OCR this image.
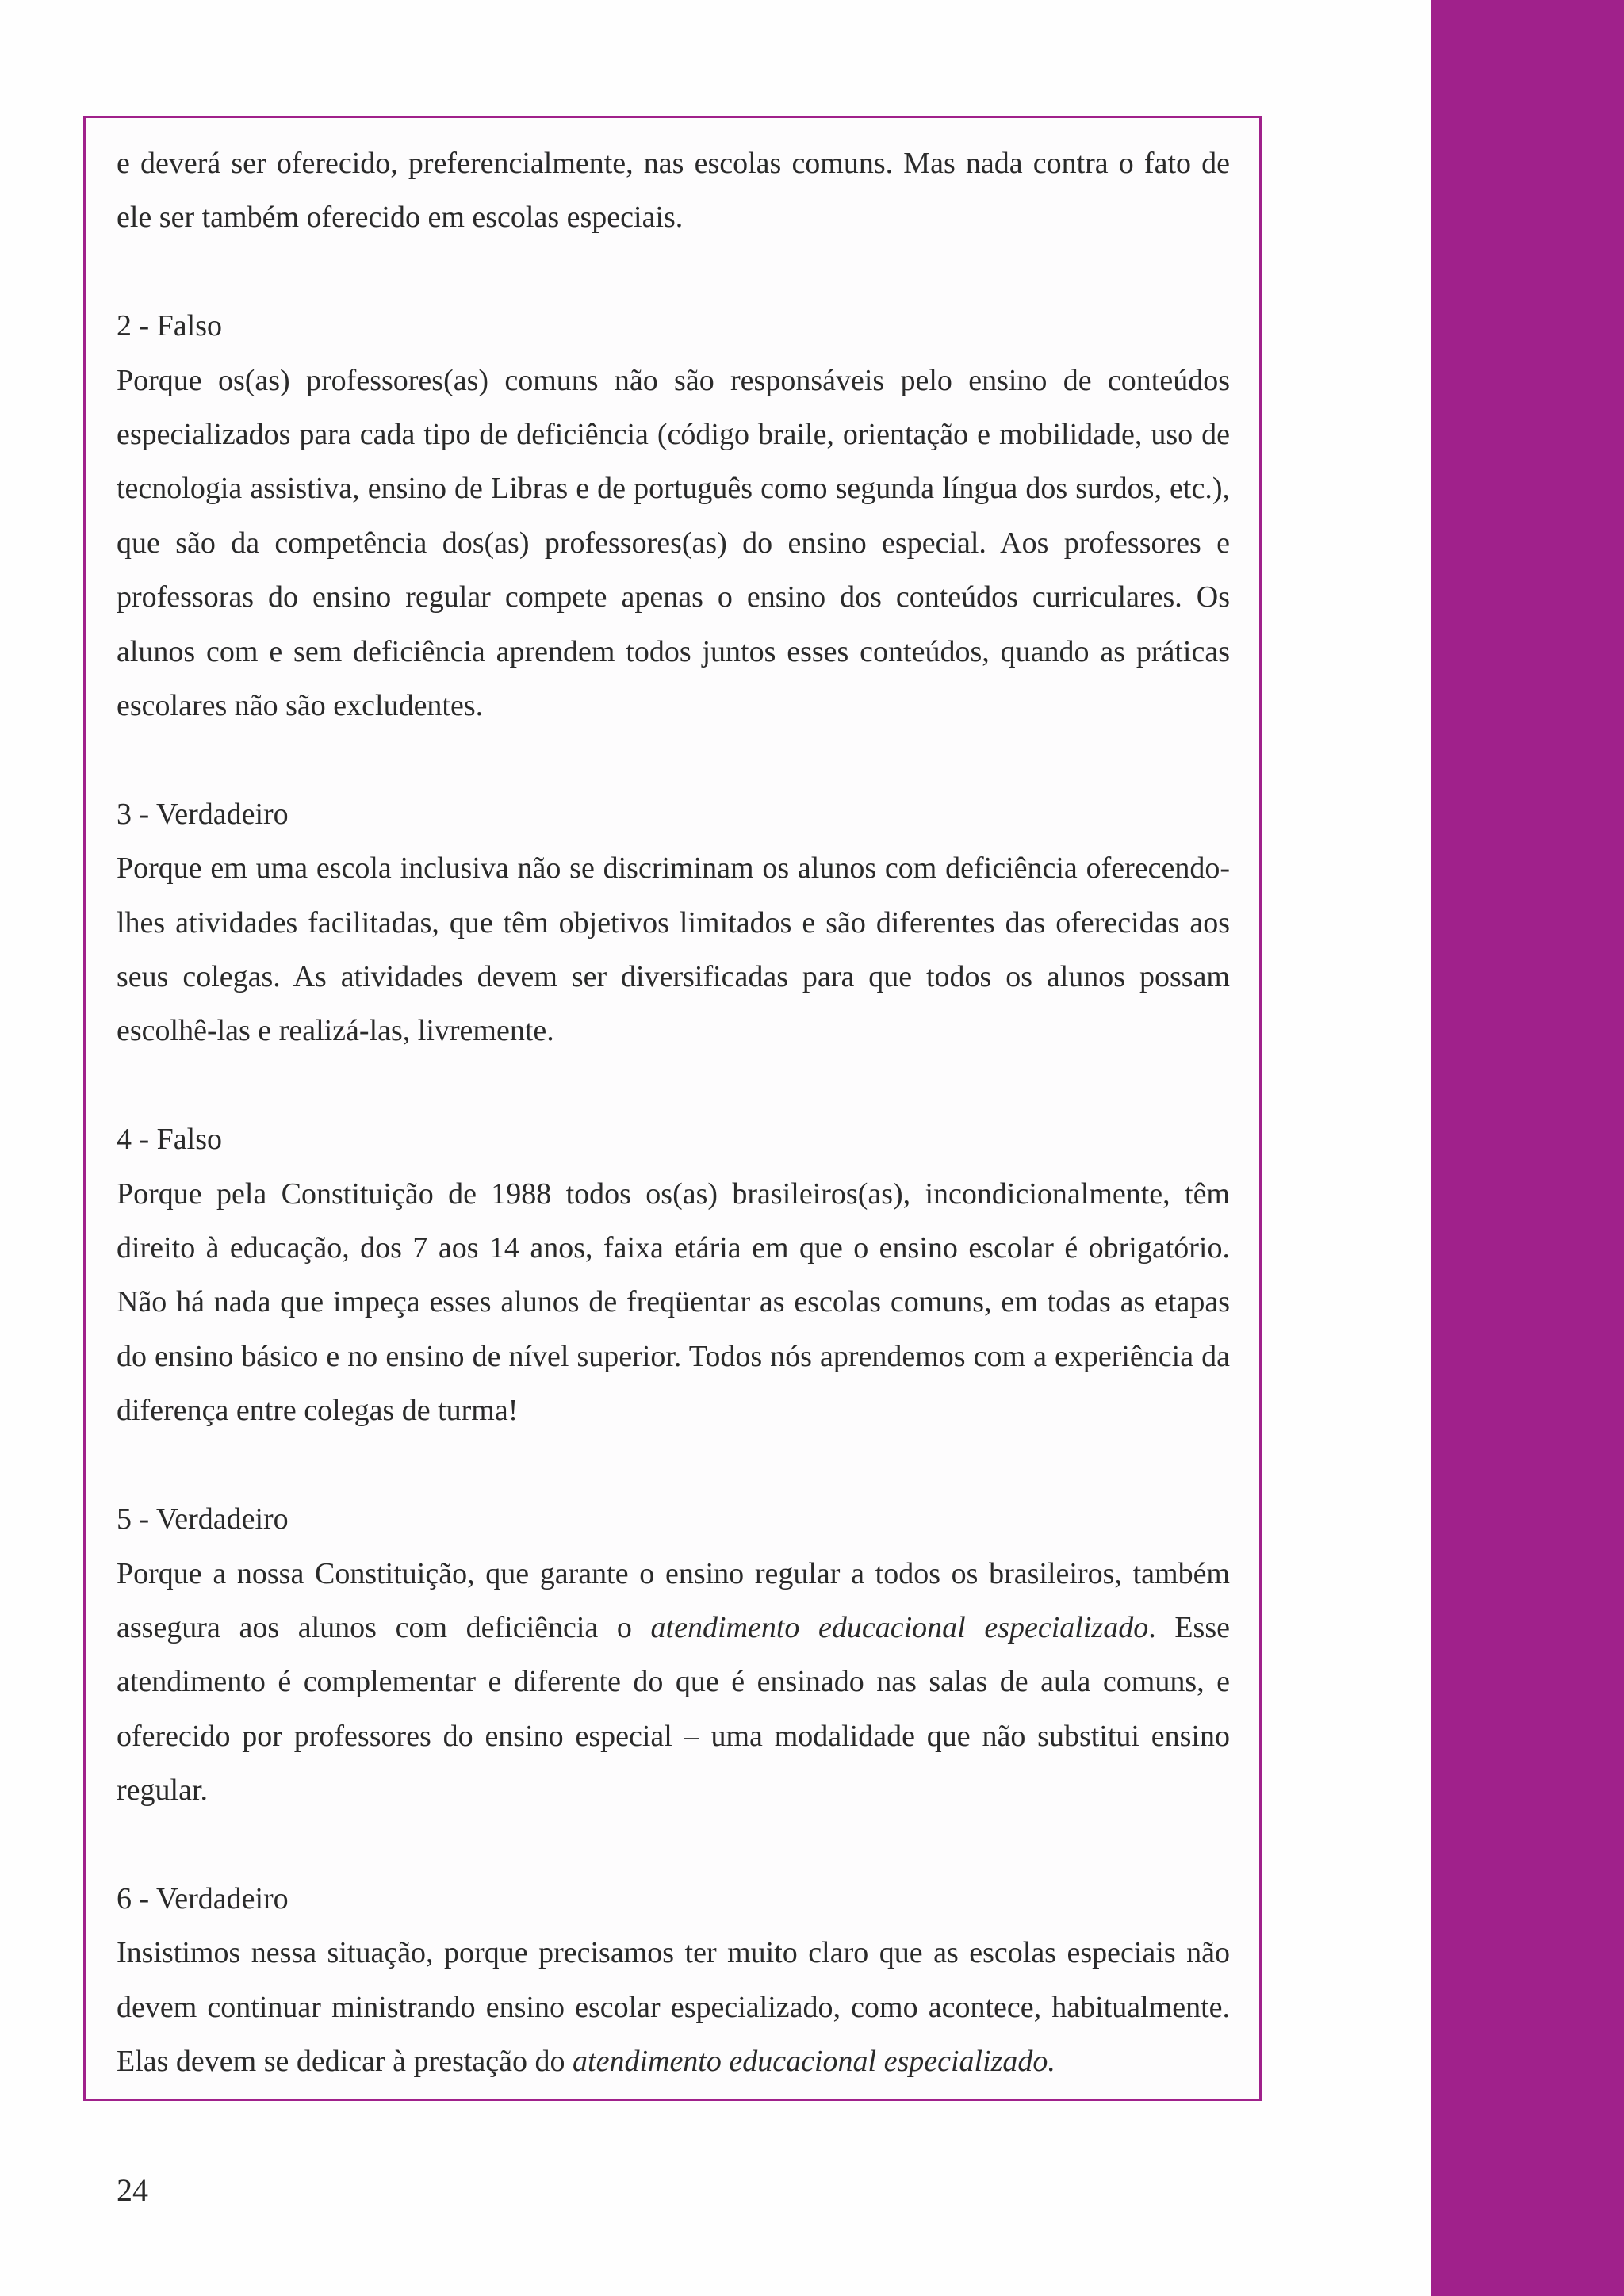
e deverá ser oferecido, preferencialmente, nas escolas comuns. Mas nada contra o fato de ele ser também oferecido em escolas especiais.

2 - Falso

Porque os(as) professores(as) comuns não são responsáveis pelo ensino de conteúdos especializados para cada tipo de deficiência (código braile, orientação e mobilidade, uso de tecnologia assistiva, ensino de Libras e de português como segunda língua dos surdos, etc.), que são da competência dos(as) professores(as) do ensino especial. Aos professores e professoras do ensino regular compete apenas o ensino dos conteúdos curriculares. Os alunos com e sem deficiência aprendem todos juntos esses conteúdos, quando as práticas escolares não são excludentes.

3 - Verdadeiro

Porque em uma escola inclusiva não se discriminam os alunos com deficiência oferecendo-lhes atividades facilitadas, que têm objetivos limitados e são diferentes das oferecidas aos seus colegas. As atividades devem ser diversificadas para que todos os alunos possam escolhê-las e realizá-las, livremente.

4 - Falso

Porque pela Constituição de 1988 todos os(as) brasileiros(as), incondicionalmente, têm direito à educação, dos 7 aos 14 anos, faixa etária em que o ensino escolar é obrigatório. Não há nada que impeça esses alunos de freqüentar as escolas comuns, em todas as etapas do ensino básico e no ensino de nível superior. Todos nós aprendemos com a experiência da diferença entre colegas de turma!

5 - Verdadeiro

Porque a nossa Constituição, que garante o ensino regular a todos os brasileiros, também assegura aos alunos com deficiência o atendimento educacional especializado. Esse atendimento é complementar e diferente do que é ensinado nas salas de aula comuns, e oferecido por professores do ensino especial – uma modalidade que não substitui ensino regular.

6 - Verdadeiro

Insistimos nessa situação, porque precisamos ter muito claro que as escolas especiais não devem continuar ministrando ensino escolar especializado, como acontece, habitualmente. Elas devem se dedicar à prestação do atendimento educacional especializado.

24
